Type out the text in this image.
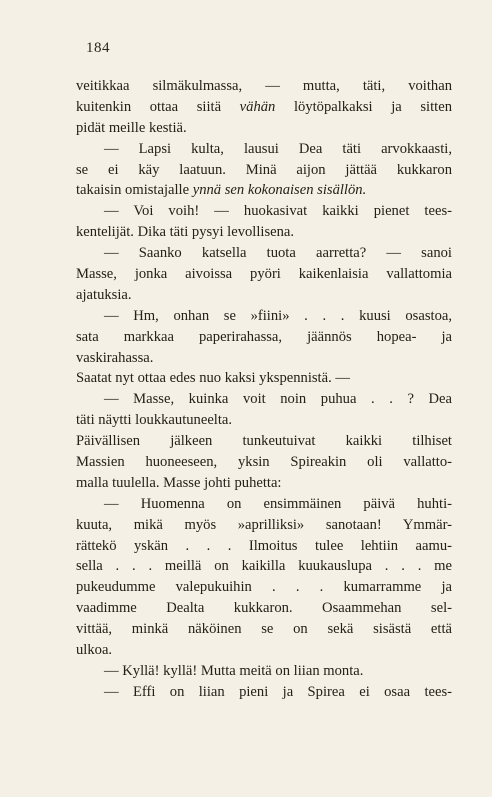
184
veitikkaa silmäkulmassa, — mutta, täti, voithan
kuitenkin ottaa siitä vähän löytöpalkaksi ja sitten
pidät meille kestiä.
— Lapsi kulta, lausui Dea täti arvokkaasti,
se ei käy laatuun. Minä aijon jättää kukkaron
takaisin omistajalle ynnä sen kokonaisen sisällön.
— Voi voih! — huokasivat kaikki pienet tees-
kentelijät. Dika täti pysyi levollisena.
— Saanko katsella tuota aarretta? — sanoi
Masse, jonka aivoissa pyöri kaikenlaisia vallattomia
ajatuksia.
— Hm, onhan se »fiini» . . . kuusi osastoa,
sata markkaa paperirahassa, jäännös hopea- ja
vaskirahassa.
Saatat nyt ottaa edes nuo kaksi ykspennistä. —
— Masse, kuinka voit noin puhua . . ? Dea
täti näytti loukkautuneelta.
Päivällisen jälkeen tunkeutuivat kaikki tilhiset
Massien huoneeseen, yksin Spireakin oli vallatto-
malla tuulella. Masse johti puhetta:
— Huomenna on ensimmäinen päivä huhti-
kuuta, mikä myös »aprilliksi» sanotaan! Ymmär-
rättekö yskän . . . Ilmoitus tulee lehtiin aamu-
sella . . . meillä on kaikilla kuukauslupa . . . me
pukeudumme valepukuihin . . . kumarramme ja
vaadimme Dealta kukkaron. Osaammehan sel-
vittää, minkä näköinen se on sekä sisästä että
ulkoa.
— Kyllä! kyllä! Mutta meitä on liian monta.
— Effi on liian pieni ja Spirea ei osaa tees-
